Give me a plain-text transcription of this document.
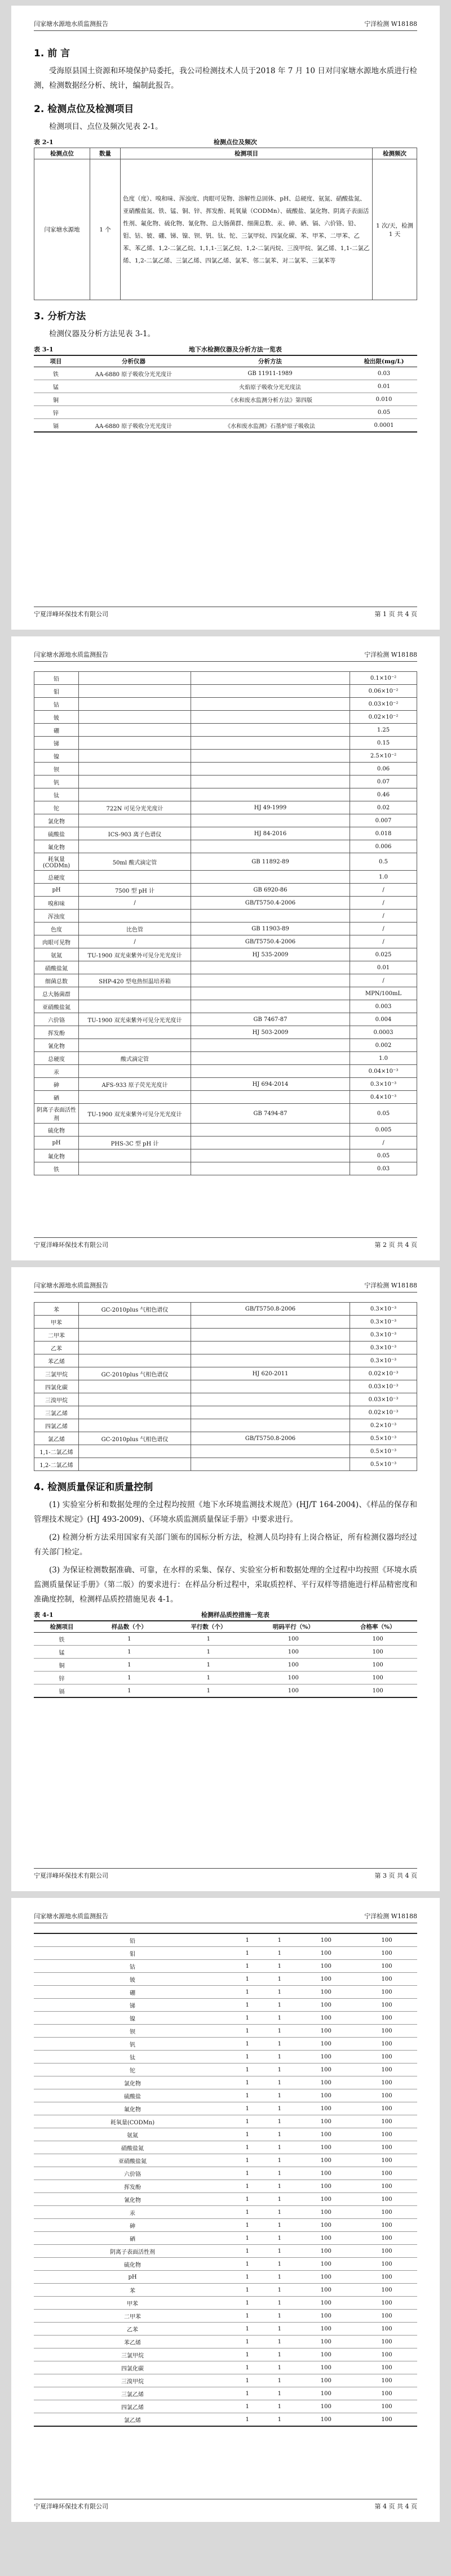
闫家塘水源地水质监测报告	宁洋检测 W18188
1. 前 言

受海原县国土资源和环境保护局委托，我公司检测技术人员于2018 年 7 月 10 日对闫家塘水源地水质进行检测，检测数据经分析、统计，编制此报告。

2. 检测点位及检测项目

检测项目、点位及频次见表 2-1。

表 2-1	检测点位及频次
检测点位	数量	检测项目	检测频次
闫家塘水源地	1 个	色度（度）、嗅和味、浑浊度、肉眼可见物、溶解性总固体、pH、总硬度、氨氮、硝酸盐氮、亚硝酸盐氮、铁、锰、铜、锌、挥发酚、耗氧量（CODMn）、硫酸盐、氯化物、阴离子表面活性剂、氟化物、硫化物、氰化物、总大肠菌群、细菌总数、汞、砷、硒、镉、六价铬、铅、钼、钴、铍、硼、锑、镍、钡、钒、钛、铊、三氯甲烷、四氯化碳、苯、甲苯、二甲苯、乙苯、苯乙烯、1,2-二氯乙烷、1,1,1-三氯乙烷、1,2-二氯丙烷、三溴甲烷、氯乙烯、1,1-二氯乙烯、1,2-二氯乙烯、三氯乙烯、四氯乙烯、氯苯、邻二氯苯、对二氯苯、三氯苯等	1 次/天，检测 1 天
3. 分析方法

检测仪器及分析方法见表 3-1。

表 3-1	地下水检测仪器及分析方法一览表
项目	分析仪器	分析方法	检出限(mg/L)
铁	AA-6880 原子吸收分光光度计	GB 11911-1989	0.03
锰		火焰原子吸收分光光度法	0.01
铜		《水和废水监测分析方法》第四版	0.010
锌			0.05
镉	AA-6880 原子吸收分光光度计	《水和废水监测》石墨炉原子吸收法	0.0001
宁夏洋峰环保技术有限公司	第 1 页 共 4 页
闫家塘水源地水质监测报告	宁洋检测 W18188
铅			0.1×10⁻²
钼			0.06×10⁻²
钴			0.03×10⁻²
铍			0.02×10⁻²
硼			1.25
锑			0.15
镍			2.5×10⁻²
钡			0.06
钒			0.07
钛			0.46
铊	722N 可见分光光度计	HJ 49-1999	0.02
氯化物			0.007
硫酸盐	ICS-903 离子色谱仪	HJ 84-2016	0.018
氟化物			0.006
耗氧量(CODMn)	50ml 酸式滴定管	GB 11892-89	0.5
总硬度			1.0
pH	7500 型 pH 计	GB 6920-86	/
嗅和味	/	GB/T5750.4-2006	/
浑浊度			/
色度	比色管	GB 11903-89	/
肉眼可见物	/	GB/T5750.4-2006	/
氨氮	TU-1900 双光束紫外可见分光光度计	HJ 535-2009	0.025
硝酸盐氮			0.01
细菌总数	SHP-420 型电热恒温培养箱		/
总大肠菌群			MPN/100mL
亚硝酸盐氮			0.003
六价铬	TU-1900 双光束紫外可见分光光度计	GB 7467-87	0.004
挥发酚		HJ 503-2009	0.0003
氰化物			0.002
总硬度	酸式滴定管		1.0
汞			0.04×10⁻³
砷	AFS-933 原子荧光光度计	HJ 694-2014	0.3×10⁻³
硒			0.4×10⁻³
阴离子表面活性剂	TU-1900 双光束紫外可见分光光度计	GB 7494-87	0.05
硫化物			0.005
pH	PHS-3C 型 pH 计		/
氟化物			0.05
铁			0.03
宁夏洋峰环保技术有限公司	第 2 页 共 4 页
闫家塘水源地水质监测报告	宁洋检测 W18188
苯	GC-2010plus 气相色谱仪	GB/T5750.8-2006	0.3×10⁻³
甲苯			0.3×10⁻³
二甲苯			0.3×10⁻³
乙苯			0.3×10⁻³
苯乙烯			0.3×10⁻³
三氯甲烷	GC-2010plus 气相色谱仪	HJ 620-2011	0.02×10⁻³
四氯化碳			0.03×10⁻³
三溴甲烷			0.03×10⁻³
三氯乙烯			0.02×10⁻³
四氯乙烯			0.2×10⁻³
氯乙烯	GC-2010plus 气相色谱仪	GB/T5750.8-2006	0.5×10⁻³
1,1-二氯乙烯			0.5×10⁻³
1,2-二氯乙烯			0.5×10⁻³
4. 检测质量保证和质量控制

(1) 实验室分析和数据处理的全过程均按照《地下水环境监测技术规范》(HJ/T 164-2004)、《样品的保存和管理技术规定》(HJ 493-2009)、《环境水质监测质量保证手册》中要求进行。

(2) 检测分析方法采用国家有关部门颁布的国标分析方法，检测人员均持有上岗合格证，所有检测仪器均经过有关部门检定。

(3) 为保证检测数据准确、可靠，在水样的采集、保存、实验室分析和数据处理的全过程中均按照《环境水质监测质量保证手册》（第二版）的要求进行：在样品分析过程中，采取质控样、平行双样等措施进行样品精密度和准确度控制，检测样品质控措施见表 4-1。

表 4-1	检测样品质控措施一览表
检测项目	样品数（个）	平行数（个）	明码平行（%）	合格率（%）
铁	1	1	100	100
锰	1	1	100	100
铜	1	1	100	100
锌	1	1	100	100
镉	1	1	100	100
宁夏洋峰环保技术有限公司	第 3 页 共 4 页
闫家塘水源地水质监测报告	宁洋检测 W18188
铅	1	1	100	100
钼	1	1	100	100
钴	1	1	100	100
铍	1	1	100	100
硼	1	1	100	100
锑	1	1	100	100
镍	1	1	100	100
钡	1	1	100	100
钒	1	1	100	100
钛	1	1	100	100
铊	1	1	100	100
氯化物	1	1	100	100
硫酸盐	1	1	100	100
氟化物	1	1	100	100
耗氧量(CODMn)	1	1	100	100
氨氮	1	1	100	100
硝酸盐氮	1	1	100	100
亚硝酸盐氮	1	1	100	100
六价铬	1	1	100	100
挥发酚	1	1	100	100
氰化物	1	1	100	100
汞	1	1	100	100
砷	1	1	100	100
硒	1	1	100	100
阴离子表面活性剂	1	1	100	100
硫化物	1	1	100	100
pH	1	1	100	100
苯	1	1	100	100
甲苯	1	1	100	100
二甲苯	1	1	100	100
乙苯	1	1	100	100
苯乙烯	1	1	100	100
三氯甲烷	1	1	100	100
四氯化碳	1	1	100	100
三溴甲烷	1	1	100	100
三氯乙烯	1	1	100	100
四氯乙烯	1	1	100	100
氯乙烯	1	1	100	100
宁夏洋峰环保技术有限公司	第 4 页 共 4 页
